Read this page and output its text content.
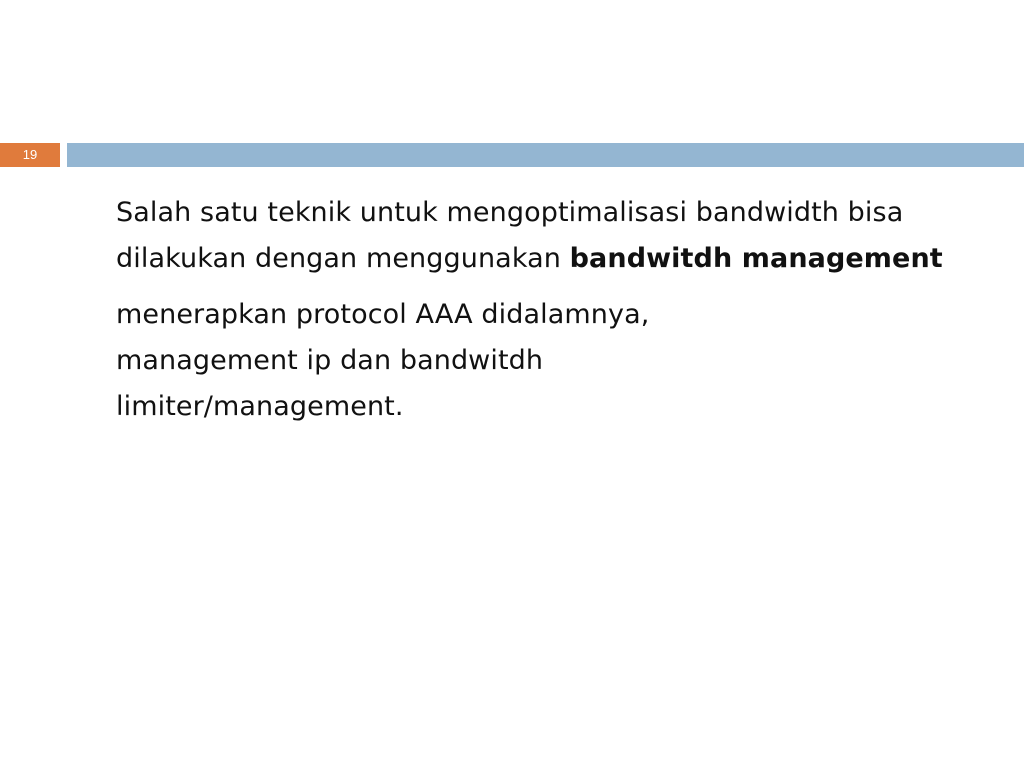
19

Salah satu teknik untuk mengoptimalisasi bandwidth bisa dilakukan dengan menggunakan bandwitdh management

menerapkan protocol AAA didalamnya, management ip dan bandwitdh limiter/management.
